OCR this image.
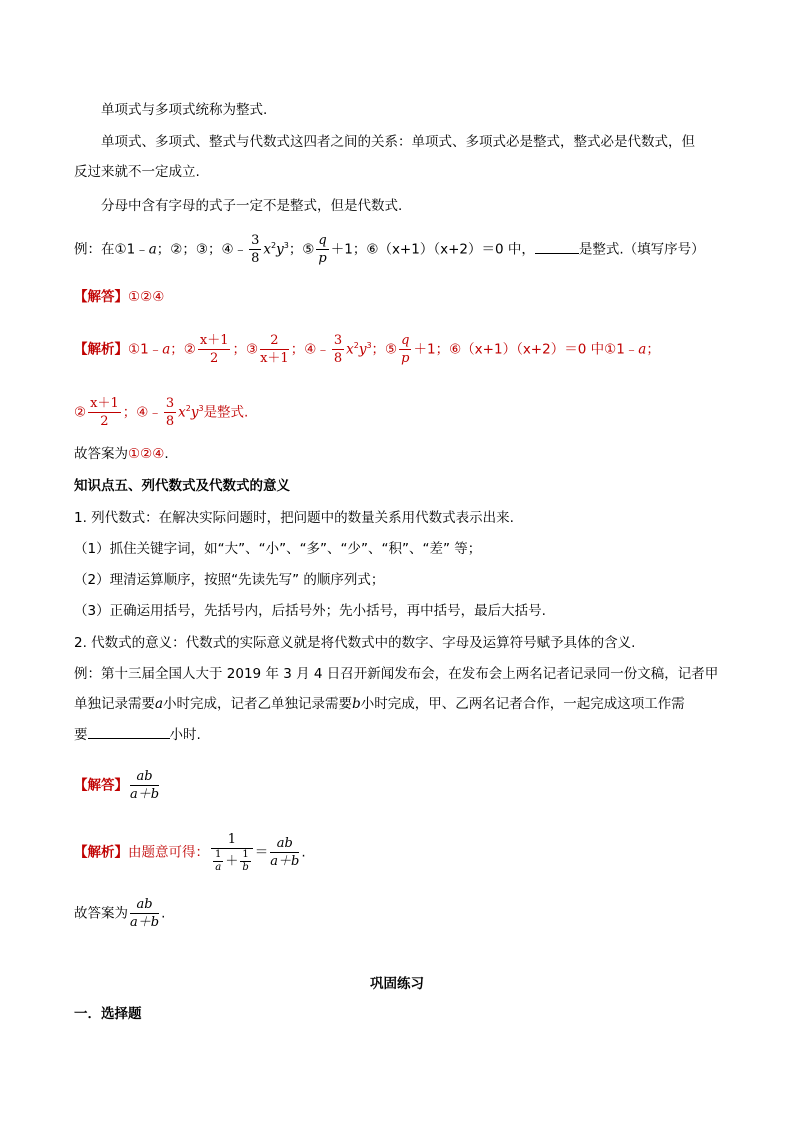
单项式与多项式统称为整式.
单项式、多项式、整式与代数式这四者之间的关系：单项式、多项式必是整式，整式必是代数式，但
反过来就不一定成立.
分母中含有字母的式子一定不是整式，但是代数式.
例：在①1﹣a；②；③；④﹣ $\frac{3}{8} x^2y^3$；⑤ $\frac{q}{p} +1$；⑥（x+1）（x+2）＝0 中，	是整式.（填写序号）
【解答】①②④
【解析】①1﹣a；② $\frac{x+1}{2}$ ；③ $\frac{2}{x+1}$ ；④﹣ $\frac{3}{8} x^2y^3$；⑤ $\frac{q}{p} +1$；⑥（x+1）（x+2）＝0 中①1﹣a；
② $\frac{x+1}{2}$ ；④﹣ $\frac{3}{8} x^2y^3$是整式.
故答案为①②④.
知识点五、列代数式及代数式的意义
1. 列代数式：在解决实际问题时，把问题中的数量关系用代数式表示出来.
（1）抓住关键字词，如“大”、“小”、“多”、“少”、“积”、“差” 等；
（2）理清运算顺序，按照“先读先写” 的顺序列式；
（3）正确运用括号，先括号内，后括号外；先小括号，再中括号，最后大括号.
2. 代数式的意义：代数式的实际意义就是将代数式中的数字、字母及运算符号赋予具体的含义.
例：第十三届全国人大于 2019 年 3 月 4 日召开新闻发布会，在发布会上两名记者记录同一份文稿，记者甲
单独记录需要a小时完成，记者乙单独记录需要b小时完成，甲、乙两名记者合作，一起完成这项工作需
要	小时.
【解答】 $\frac{ab}{a+b}$
【解析】由题意可得： $\frac{1}{\frac{1}{a} + \frac{1}{b}} = \frac{ab}{a+b}$ .
故答案为 $\frac{ab}{a+b}$ .
巩固练习
一．选择题
